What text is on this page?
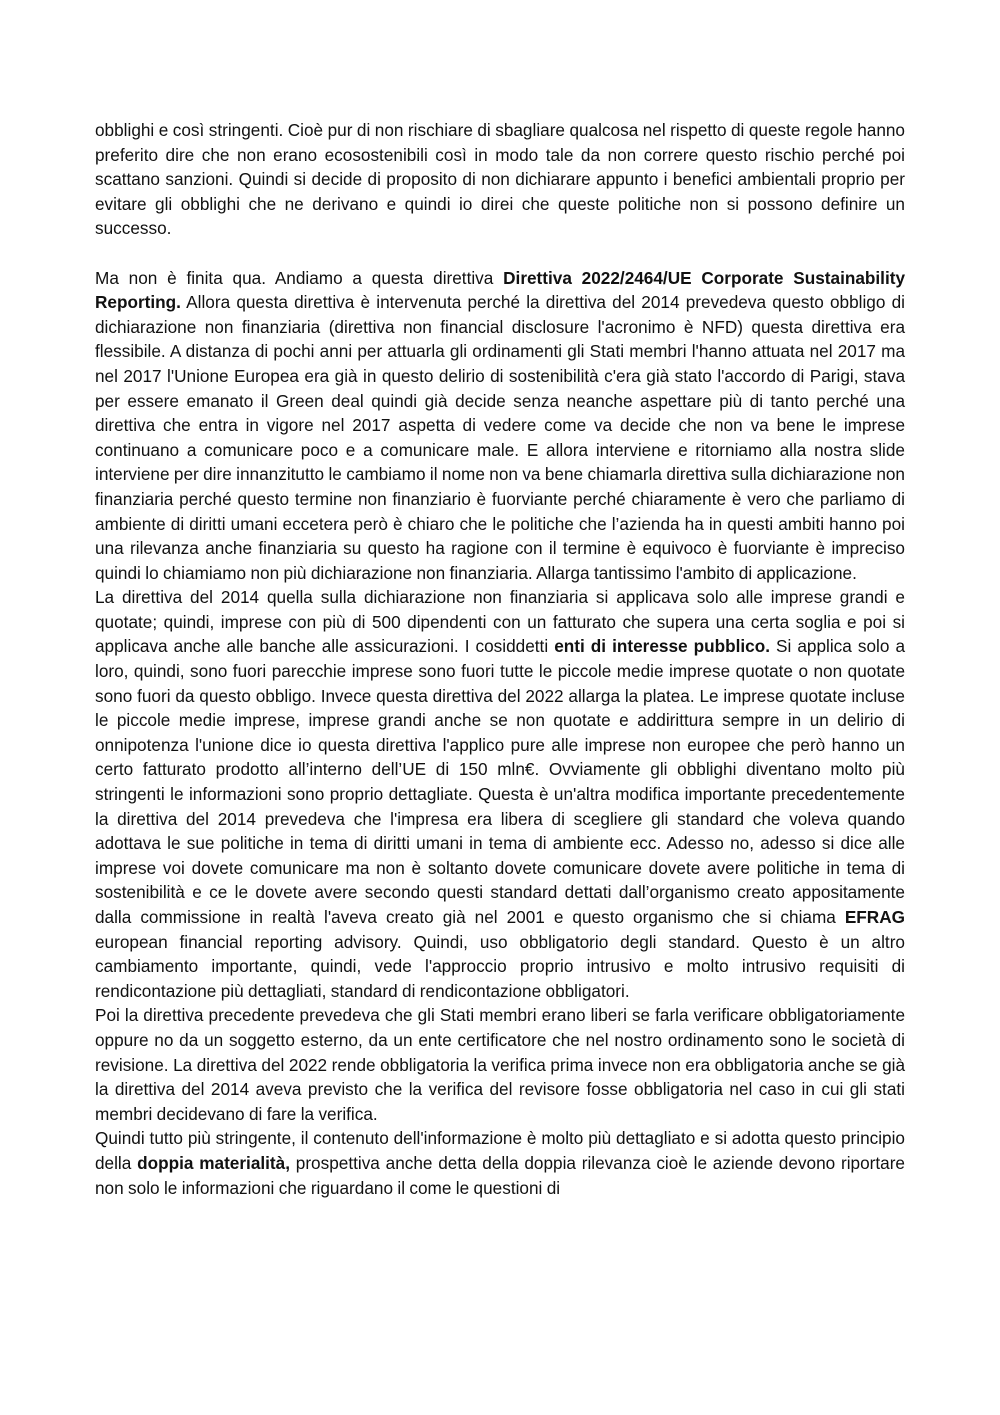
obblighi e così stringenti. Cioè pur di non rischiare di sbagliare qualcosa nel rispetto di queste regole hanno preferito dire che non erano ecosostenibili così in modo tale da non correre questo rischio perché poi scattano sanzioni. Quindi si decide di proposito di non dichiarare appunto i benefici ambientali proprio per evitare gli obblighi che ne derivano e quindi io direi che queste politiche non si possono definire un successo.

Ma non è finita qua. Andiamo a questa direttiva Direttiva 2022/2464/UE Corporate Sustainability Reporting. Allora questa direttiva è intervenuta perché la direttiva del 2014 prevedeva questo obbligo di dichiarazione non finanziaria (direttiva non financial disclosure l'acronimo è NFD) questa direttiva era flessibile. A distanza di pochi anni per attuarla gli ordinamenti gli Stati membri l'hanno attuata nel 2017 ma nel 2017 l'Unione Europea era già in questo delirio di sostenibilità c'era già stato l'accordo di Parigi, stava per essere emanato il Green deal quindi già decide senza neanche aspettare più di tanto perché una direttiva che entra in vigore nel 2017 aspetta di vedere come va decide che non va bene le imprese continuano a comunicare poco e a comunicare male. E allora interviene e ritorniamo alla nostra slide interviene per dire innanzitutto le cambiamo il nome non va bene chiamarla direttiva sulla dichiarazione non finanziaria perché questo termine non finanziario è fuorviante perché chiaramente è vero che parliamo di ambiente di diritti umani eccetera però è chiaro che le politiche che l’azienda ha in questi ambiti hanno poi una rilevanza anche finanziaria su questo ha ragione con il termine è equivoco è fuorviante è impreciso quindi lo chiamiamo non più dichiarazione non finanziaria. Allarga tantissimo l'ambito di applicazione.

La direttiva del 2014 quella sulla dichiarazione non finanziaria si applicava solo alle imprese grandi e quotate; quindi, imprese con più di 500 dipendenti con un fatturato che supera una certa soglia e poi si applicava anche alle banche alle assicurazioni. I cosiddetti enti di interesse pubblico. Si applica solo a loro, quindi, sono fuori parecchie imprese sono fuori tutte le piccole medie imprese quotate o non quotate sono fuori da questo obbligo. Invece questa direttiva del 2022 allarga la platea. Le imprese quotate incluse le piccole medie imprese, imprese grandi anche se non quotate e addirittura sempre in un delirio di onnipotenza l'unione dice io questa direttiva l'applico pure alle imprese non europee che però hanno un certo fatturato prodotto all’interno dell’UE di 150 mln€. Ovviamente gli obblighi diventano molto più stringenti le informazioni sono proprio dettagliate. Questa è un'altra modifica importante precedentemente la direttiva del 2014 prevedeva che l'impresa era libera di scegliere gli standard che voleva quando adottava le sue politiche in tema di diritti umani in tema di ambiente ecc. Adesso no, adesso si dice alle imprese voi dovete comunicare ma non è soltanto dovete comunicare dovete avere politiche in tema di sostenibilità e ce le dovete avere secondo questi standard dettati dall’organismo creato appositamente dalla commissione in realtà l'aveva creato già nel 2001 e questo organismo che si chiama EFRAG european financial reporting advisory. Quindi, uso obbligatorio degli standard. Questo è un altro cambiamento importante, quindi, vede l'approccio proprio intrusivo e molto intrusivo requisiti di rendicontazione più dettagliati, standard di rendicontazione obbligatori.

Poi la direttiva precedente prevedeva che gli Stati membri erano liberi se farla verificare obbligatoriamente oppure no da un soggetto esterno, da un ente certificatore che nel nostro ordinamento sono le società di revisione. La direttiva del 2022 rende obbligatoria la verifica prima invece non era obbligatoria anche se già la direttiva del 2014 aveva previsto che la verifica del revisore fosse obbligatoria nel caso in cui gli stati membri decidevano di fare la verifica.

Quindi tutto più stringente, il contenuto dell'informazione è molto più dettagliato e si adotta questo principio della doppia materialità, prospettiva anche detta della doppia rilevanza cioè le aziende devono riportare non solo le informazioni che riguardano il come le questioni di
